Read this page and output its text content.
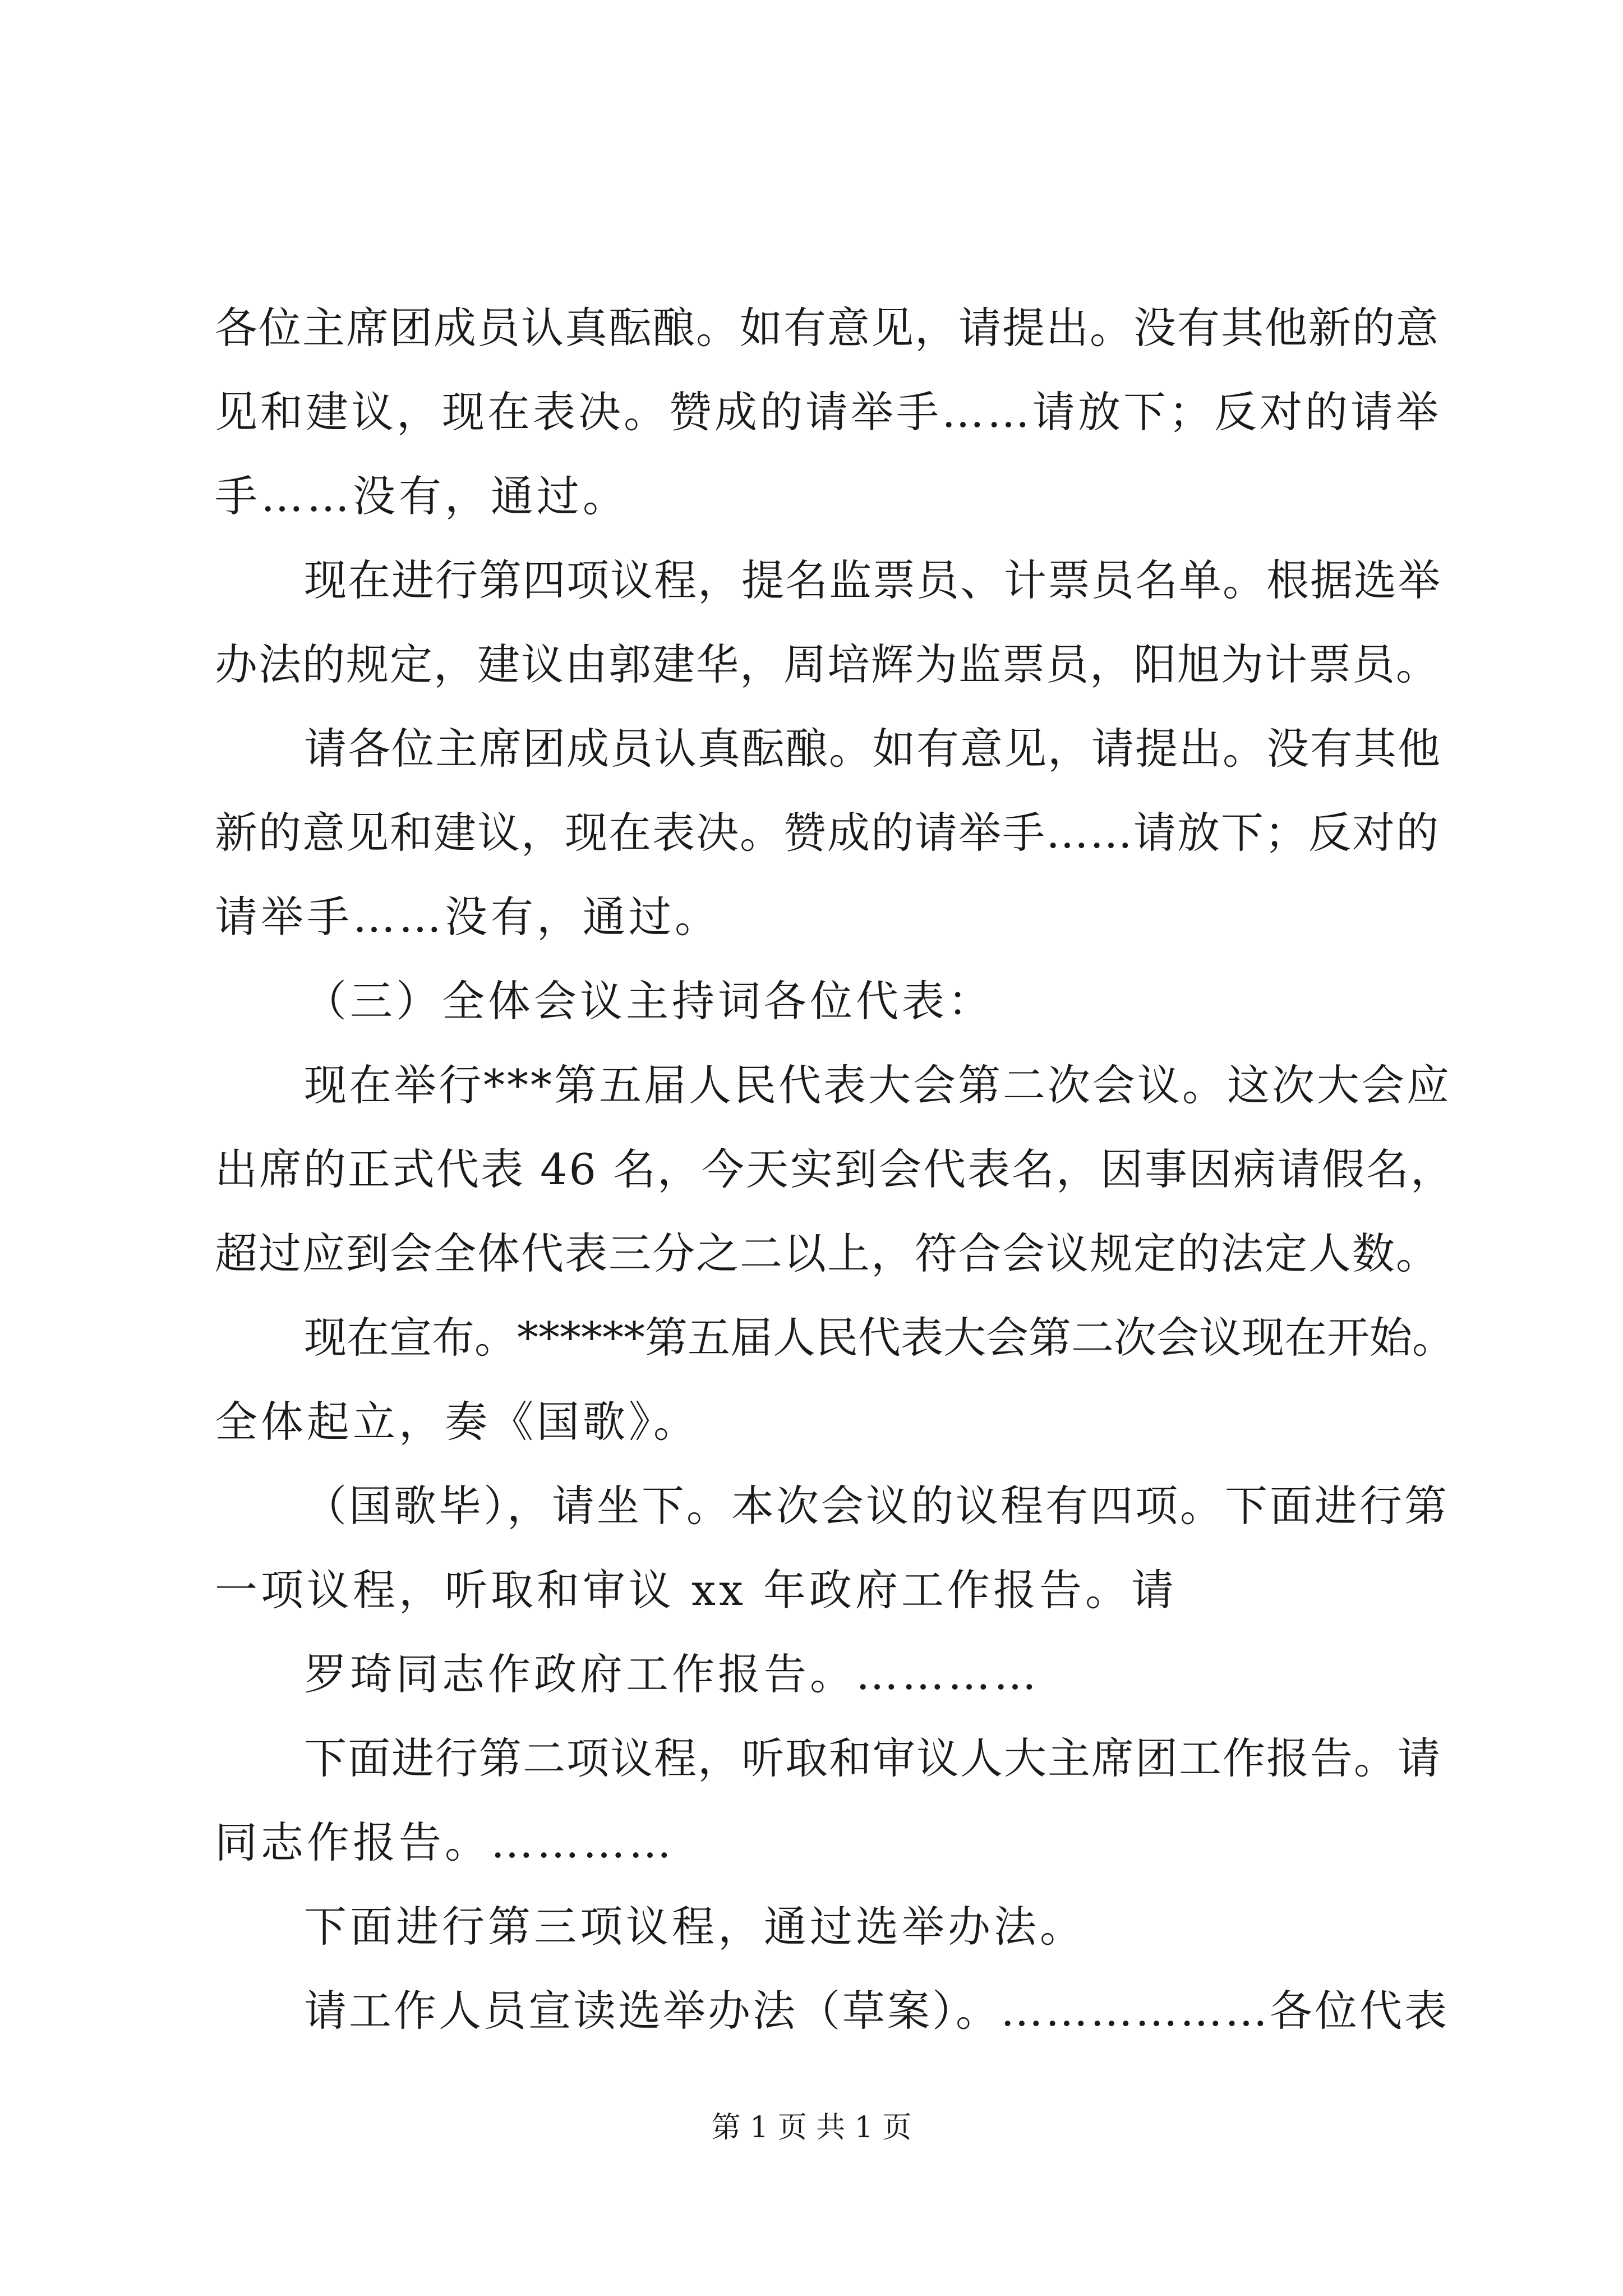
各位主席团成员认真酝酿。如有意见，请提出。没有其他新的意
见和建议，现在表决。赞成的请举手……请放下；反对的请举
手……没有，通过。
现在进行第四项议程，提名监票员、计票员名单。根据选举
办法的规定，建议由郭建华，周培辉为监票员，阳旭为计票员。
请各位主席团成员认真酝酿。如有意见，请提出。没有其他
新的意见和建议，现在表决。赞成的请举手……请放下；反对的
请举手……没有，通过。
（三）全体会议主持词各位代表：
现在举行***第五届人民代表大会第二次会议。这次大会应
出席的正式代表 46 名，今天实到会代表名，因事因病请假名，
超过应到会全体代表三分之二以上，符合会议规定的法定人数。
现在宣布。******第五届人民代表大会第二次会议现在开始。
全体起立，奏《国歌》。
（国歌毕），请坐下。本次会议的议程有四项。下面进行第
一项议程，听取和审议 xx 年政府工作报告。请
罗琦同志作政府工作报告。…………
下面进行第二项议程，听取和审议人大主席团工作报告。请
同志作报告。…………
下面进行第三项议程，通过选举办法。
请工作人员宣读选举办法（草案）。………………各位代表
第 1 页 共 1 页
